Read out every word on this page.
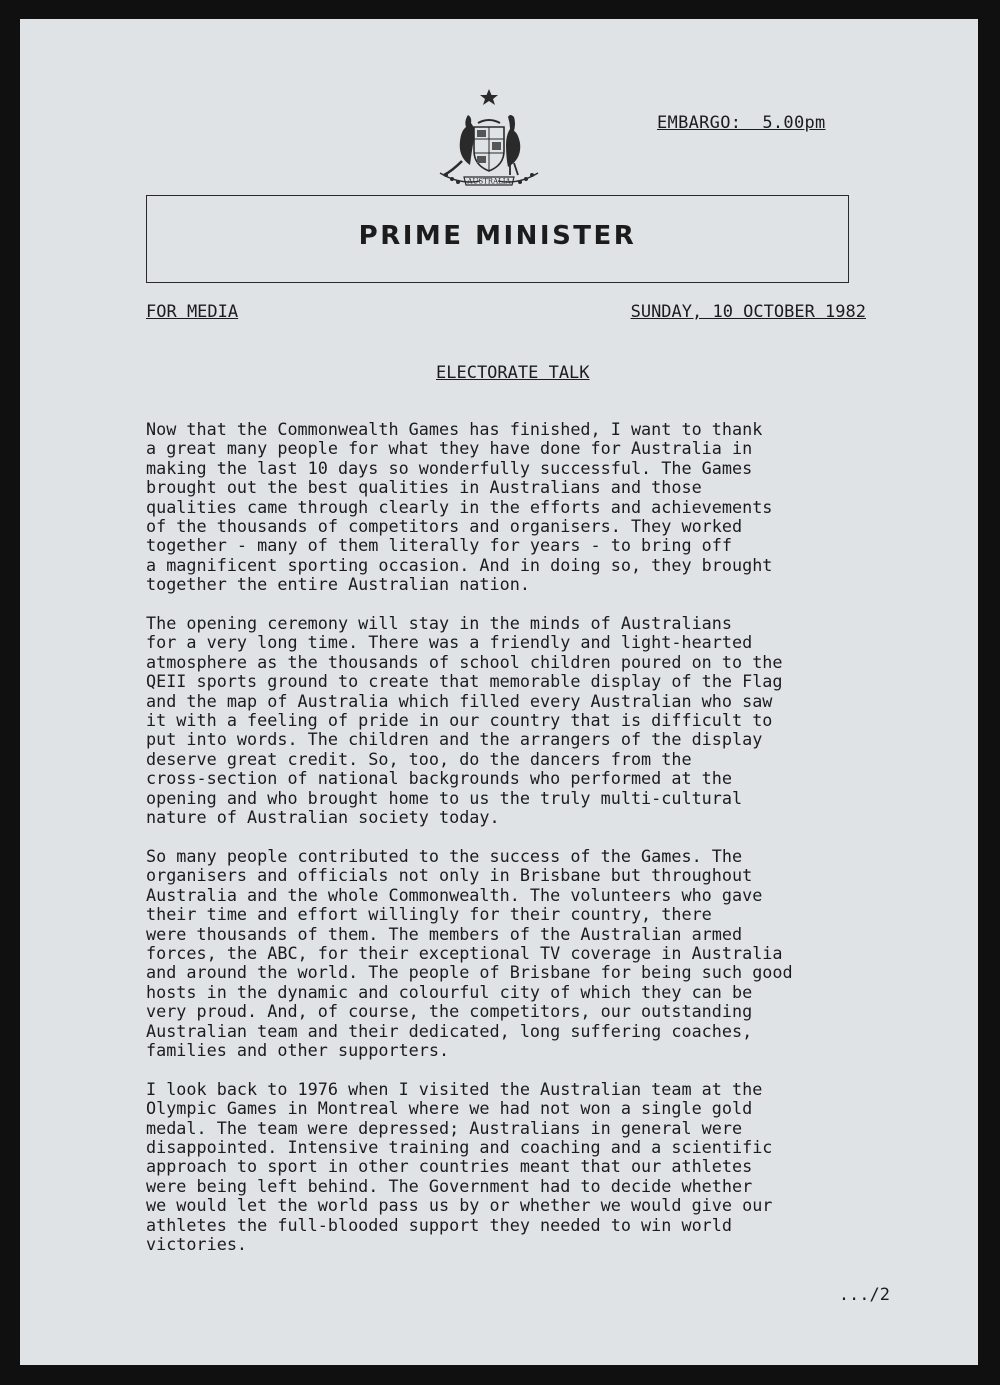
AUSTRALIA
EMBARGO:  5.00pm
PRIME MINISTER
FOR MEDIA	SUNDAY, 10 OCTOBER 1982
ELECTORATE TALK

Now that the Commonwealth Games has finished, I want to thank
a great many people for what they have done for Australia in
making the last 10 days so wonderfully successful. The Games
brought out the best qualities in Australians and those
qualities came through clearly in the efforts and achievements
of the thousands of competitors and organisers. They worked
together - many of them literally for years - to bring off
a magnificent sporting occasion. And in doing so, they brought
together the entire Australian nation.

The opening ceremony will stay in the minds of Australians
for a very long time. There was a friendly and light-hearted
atmosphere as the thousands of school children poured on to the
QEII sports ground to create that memorable display of the Flag
and the map of Australia which filled every Australian who saw
it with a feeling of pride in our country that is difficult to
put into words. The children and the arrangers of the display
deserve great credit. So, too, do the dancers from the
cross-section of national backgrounds who performed at the
opening and who brought home to us the truly multi-cultural
nature of Australian society today.

So many people contributed to the success of the Games. The
organisers and officials not only in Brisbane but throughout
Australia and the whole Commonwealth. The volunteers who gave
their time and effort willingly for their country, there
were thousands of them. The members of the Australian armed
forces, the ABC, for their exceptional TV coverage in Australia
and around the world. The people of Brisbane for being such good
hosts in the dynamic and colourful city of which they can be
very proud. And, of course, the competitors, our outstanding
Australian team and their dedicated, long suffering coaches,
families and other supporters.

I look back to 1976 when I visited the Australian team at the
Olympic Games in Montreal where we had not won a single gold
medal. The team were depressed; Australians in general were
disappointed. Intensive training and coaching and a scientific
approach to sport in other countries meant that our athletes
were being left behind. The Government had to decide whether
we would let the world pass us by or whether we would give our
athletes the full-blooded support they needed to win world
victories.

.../2
